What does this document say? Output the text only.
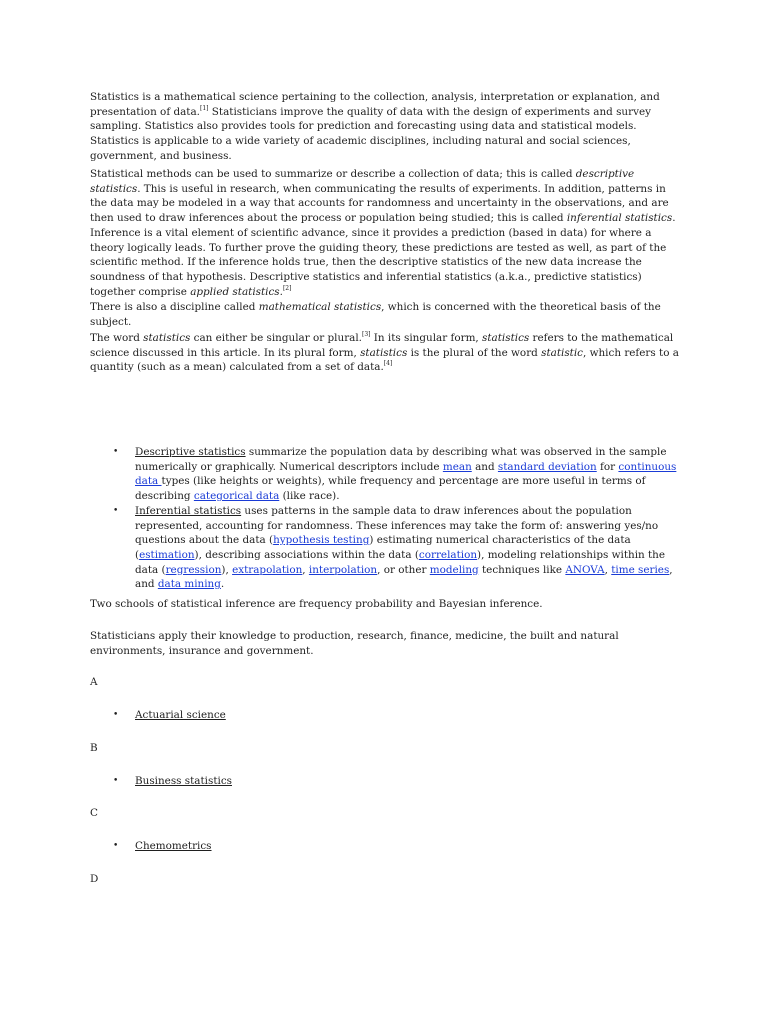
Statistics is a mathematical science pertaining to the collection, analysis, interpretation or explanation, and presentation of data.[1] Statisticians improve the quality of data with the design of experiments and survey sampling. Statistics also provides tools for prediction and forecasting using data and statistical models. Statistics is applicable to a wide variety of academic disciplines, including natural and social sciences, government, and business.

Statistical methods can be used to summarize or describe a collection of data; this is called descriptive statistics. This is useful in research, when communicating the results of experiments. In addition, patterns in the data may be modeled in a way that accounts for randomness and uncertainty in the observations, and are then used to draw inferences about the process or population being studied; this is called inferential statistics. Inference is a vital element of scientific advance, since it provides a prediction (based in data) for where a theory logically leads. To further prove the guiding theory, these predictions are tested as well, as part of the scientific method. If the inference holds true, then the descriptive statistics of the new data increase the soundness of that hypothesis. Descriptive statistics and inferential statistics (a.k.a., predictive statistics) together comprise applied statistics.[2]

There is also a discipline called mathematical statistics, which is concerned with the theoretical basis of the subject.

The word statistics can either be singular or plural.[3] In its singular form, statistics refers to the mathematical science discussed in this article. In its plural form, statistics is the plural of the word statistic, which refers to a quantity (such as a mean) calculated from a set of data.[4]

• Descriptive statistics summarize the population data by describing what was observed in the sample numerically or graphically. Numerical descriptors include mean and standard deviation for continuous data types (like heights or weights), while frequency and percentage are more useful in terms of describing categorical data (like race).
• Inferential statistics uses patterns in the sample data to draw inferences about the population represented, accounting for randomness. These inferences may take the form of: answering yes/no questions about the data (hypothesis testing) estimating numerical characteristics of the data (estimation), describing associations within the data (correlation), modeling relationships within the data (regression), extrapolation, interpolation, or other modeling techniques like ANOVA, time series, and data mining.

Two schools of statistical inference are frequency probability and Bayesian inference.

Statisticians apply their knowledge to production, research, finance, medicine, the built and natural environments, insurance and government.

A

• Actuarial science

B

• Business statistics

C

• Chemometrics

D
